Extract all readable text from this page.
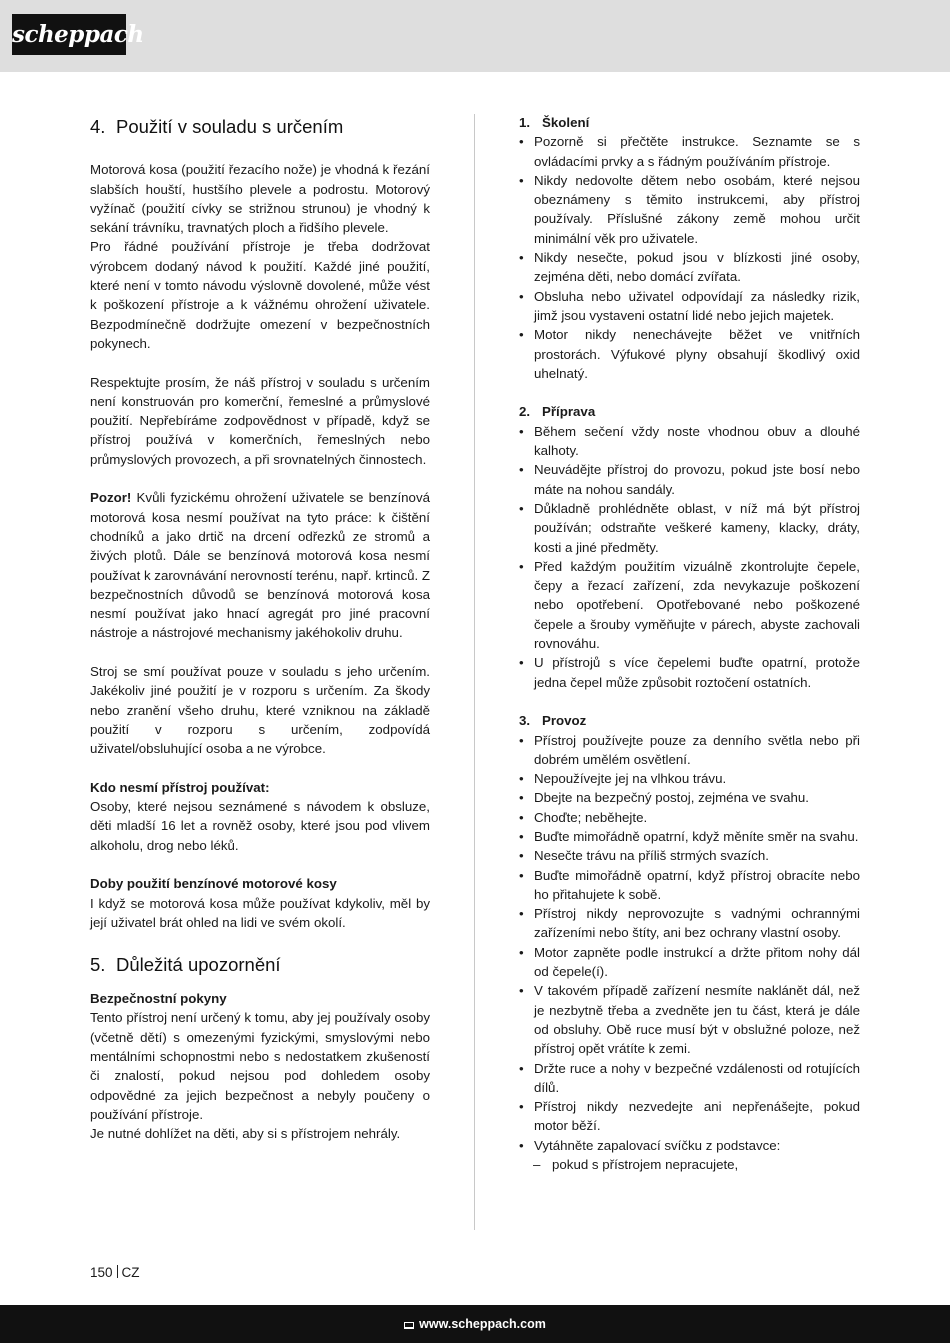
scheppach
4. Použití v souladu s určením

Motorová kosa (použití řezacího nože) je vhodná k řezání slabších houští, hustšího plevele a podrostu. Motorový vyžínač (použití cívky se strižnou strunou) je vhodný k sekání trávníku, travnatých ploch a řidšího plevele.

Pro řádné používání přístroje je třeba dodržovat výrobcem dodaný návod k použití. Každé jiné použití, které není v tomto návodu výslovně dovolené, může vést k poškození přístroje a k vážnému ohrožení uživatele. Bezpodmínečně dodržujte omezení v bezpečnostních pokynech.

Respektujte prosím, že náš přístroj v souladu s určením není konstruován pro komerční, řemeslné a průmyslové použití. Nepřebíráme zodpovědnost v případě, když se přístroj používá v komerčních, řemeslných nebo průmyslových provozech, a při srovnatelných činnostech.

Pozor! Kvůli fyzickému ohrožení uživatele se benzínová motorová kosa nesmí používat na tyto práce: k čištění chodníků a jako drtič na drcení odřezků ze stromů a živých plotů. Dále se benzínová motorová kosa nesmí používat k zarovnávání nerovností terénu, např. krtinců. Z bezpečnostních důvodů se benzínová motorová kosa nesmí používat jako hnací agregát pro jiné pracovní nástroje a nástrojové mechanismy jakéhokoliv druhu.

Stroj se smí používat pouze v souladu s jeho určením. Jakékoliv jiné použití je v rozporu s určením. Za škody nebo zranění všeho druhu, které vzniknou na základě použití v rozporu s určením, zodpovídá uživatel/obsluhující osoba a ne výrobce.

Kdo nesmí přístroj používat:

Osoby, které nejsou seznámené s návodem k obsluze, děti mladší 16 let a rovněž osoby, které jsou pod vlivem alkoholu, drog nebo léků.

Doby použití benzínové motorové kosy

I když se motorová kosa může používat kdykoliv, měl by její uživatel brát ohled na lidi ve svém okolí.

5. Důležitá upozornění
Bezpečnostní pokyny

Tento přístroj není určený k tomu, aby jej používaly osoby (včetně dětí) s omezenými fyzickými, smyslovými nebo mentálními schopnostmi nebo s nedostatkem zkušeností či znalostí, pokud nejsou pod dohledem osoby odpovědné za jejich bezpečnost a nebyly poučeny o používání přístroje.

Je nutné dohlížet na děti, aby si s přístrojem nehrály.

1. Školení
• Pozorně si přečtěte instrukce. Seznamte se s ovládacími prvky a s řádným používáním přístroje.
• Nikdy nedovolte dětem nebo osobám, které nejsou obeznámeny s těmito instrukcemi, aby přístroj používaly. Příslušné zákony země mohou určit minimální věk pro uživatele.
• Nikdy nesečte, pokud jsou v blízkosti jiné osoby, zejména děti, nebo domácí zvířata.
• Obsluha nebo uživatel odpovídají za následky rizik, jimž jsou vystaveni ostatní lidé nebo jejich majetek.
• Motor nikdy nenechávejte běžet ve vnitřních prostorách. Výfukové plyny obsahují škodlivý oxid uhelnatý.
2. Příprava
• Během sečení vždy noste vhodnou obuv a dlouhé kalhoty.
• Neuvádějte přístroj do provozu, pokud jste bosí nebo máte na nohou sandály.
• Důkladně prohlédněte oblast, v níž má být přístroj používán; odstraňte veškeré kameny, klacky, dráty, kosti a jiné předměty.
• Před každým použitím vizuálně zkontrolujte čepele, čepy a řezací zařízení, zda nevykazuje poškození nebo opotřebení. Opotřebované nebo poškozené čepele a šrouby vyměňujte v párech, abyste zachovali rovnováhu.
• U přístrojů s více čepelemi buďte opatrní, protože jedna čepel může způsobit roztočení ostatních.
3. Provoz
• Přístroj používejte pouze za denního světla nebo při dobrém umělém osvětlení.
• Nepoužívejte jej na vlhkou trávu.
• Dbejte na bezpečný postoj, zejména ve svahu.
• Choďte; neběhejte.
• Buďte mimořádně opatrní, když měníte směr na svahu.
• Nesečte trávu na příliš strmých svazích.
• Buďte mimořádně opatrní, když přístroj obracíte nebo ho přitahujete k sobě.
• Přístroj nikdy neprovozujte s vadnými ochrannými zařízeními nebo štíty, ani bez ochrany vlastní osoby.
• Motor zapněte podle instrukcí a držte přitom nohy dál od čepele(í).
• V takovém případě zařízení nesmíte naklánět dál, než je nezbytně třeba a zvedněte jen tu část, která je dále od obsluhy. Obě ruce musí být v obslužné poloze, než přístroj opět vrátíte k zemi.
• Držte ruce a nohy v bezpečné vzdálenosti od rotujících dílů.
• Přístroj nikdy nezvedejte ani nepřenášejte, pokud motor běží.
• Vytáhněte zapalovací svíčku z podstavce:
– pokud s přístrojem nepracujete,
150 CZ
www.scheppach.com
